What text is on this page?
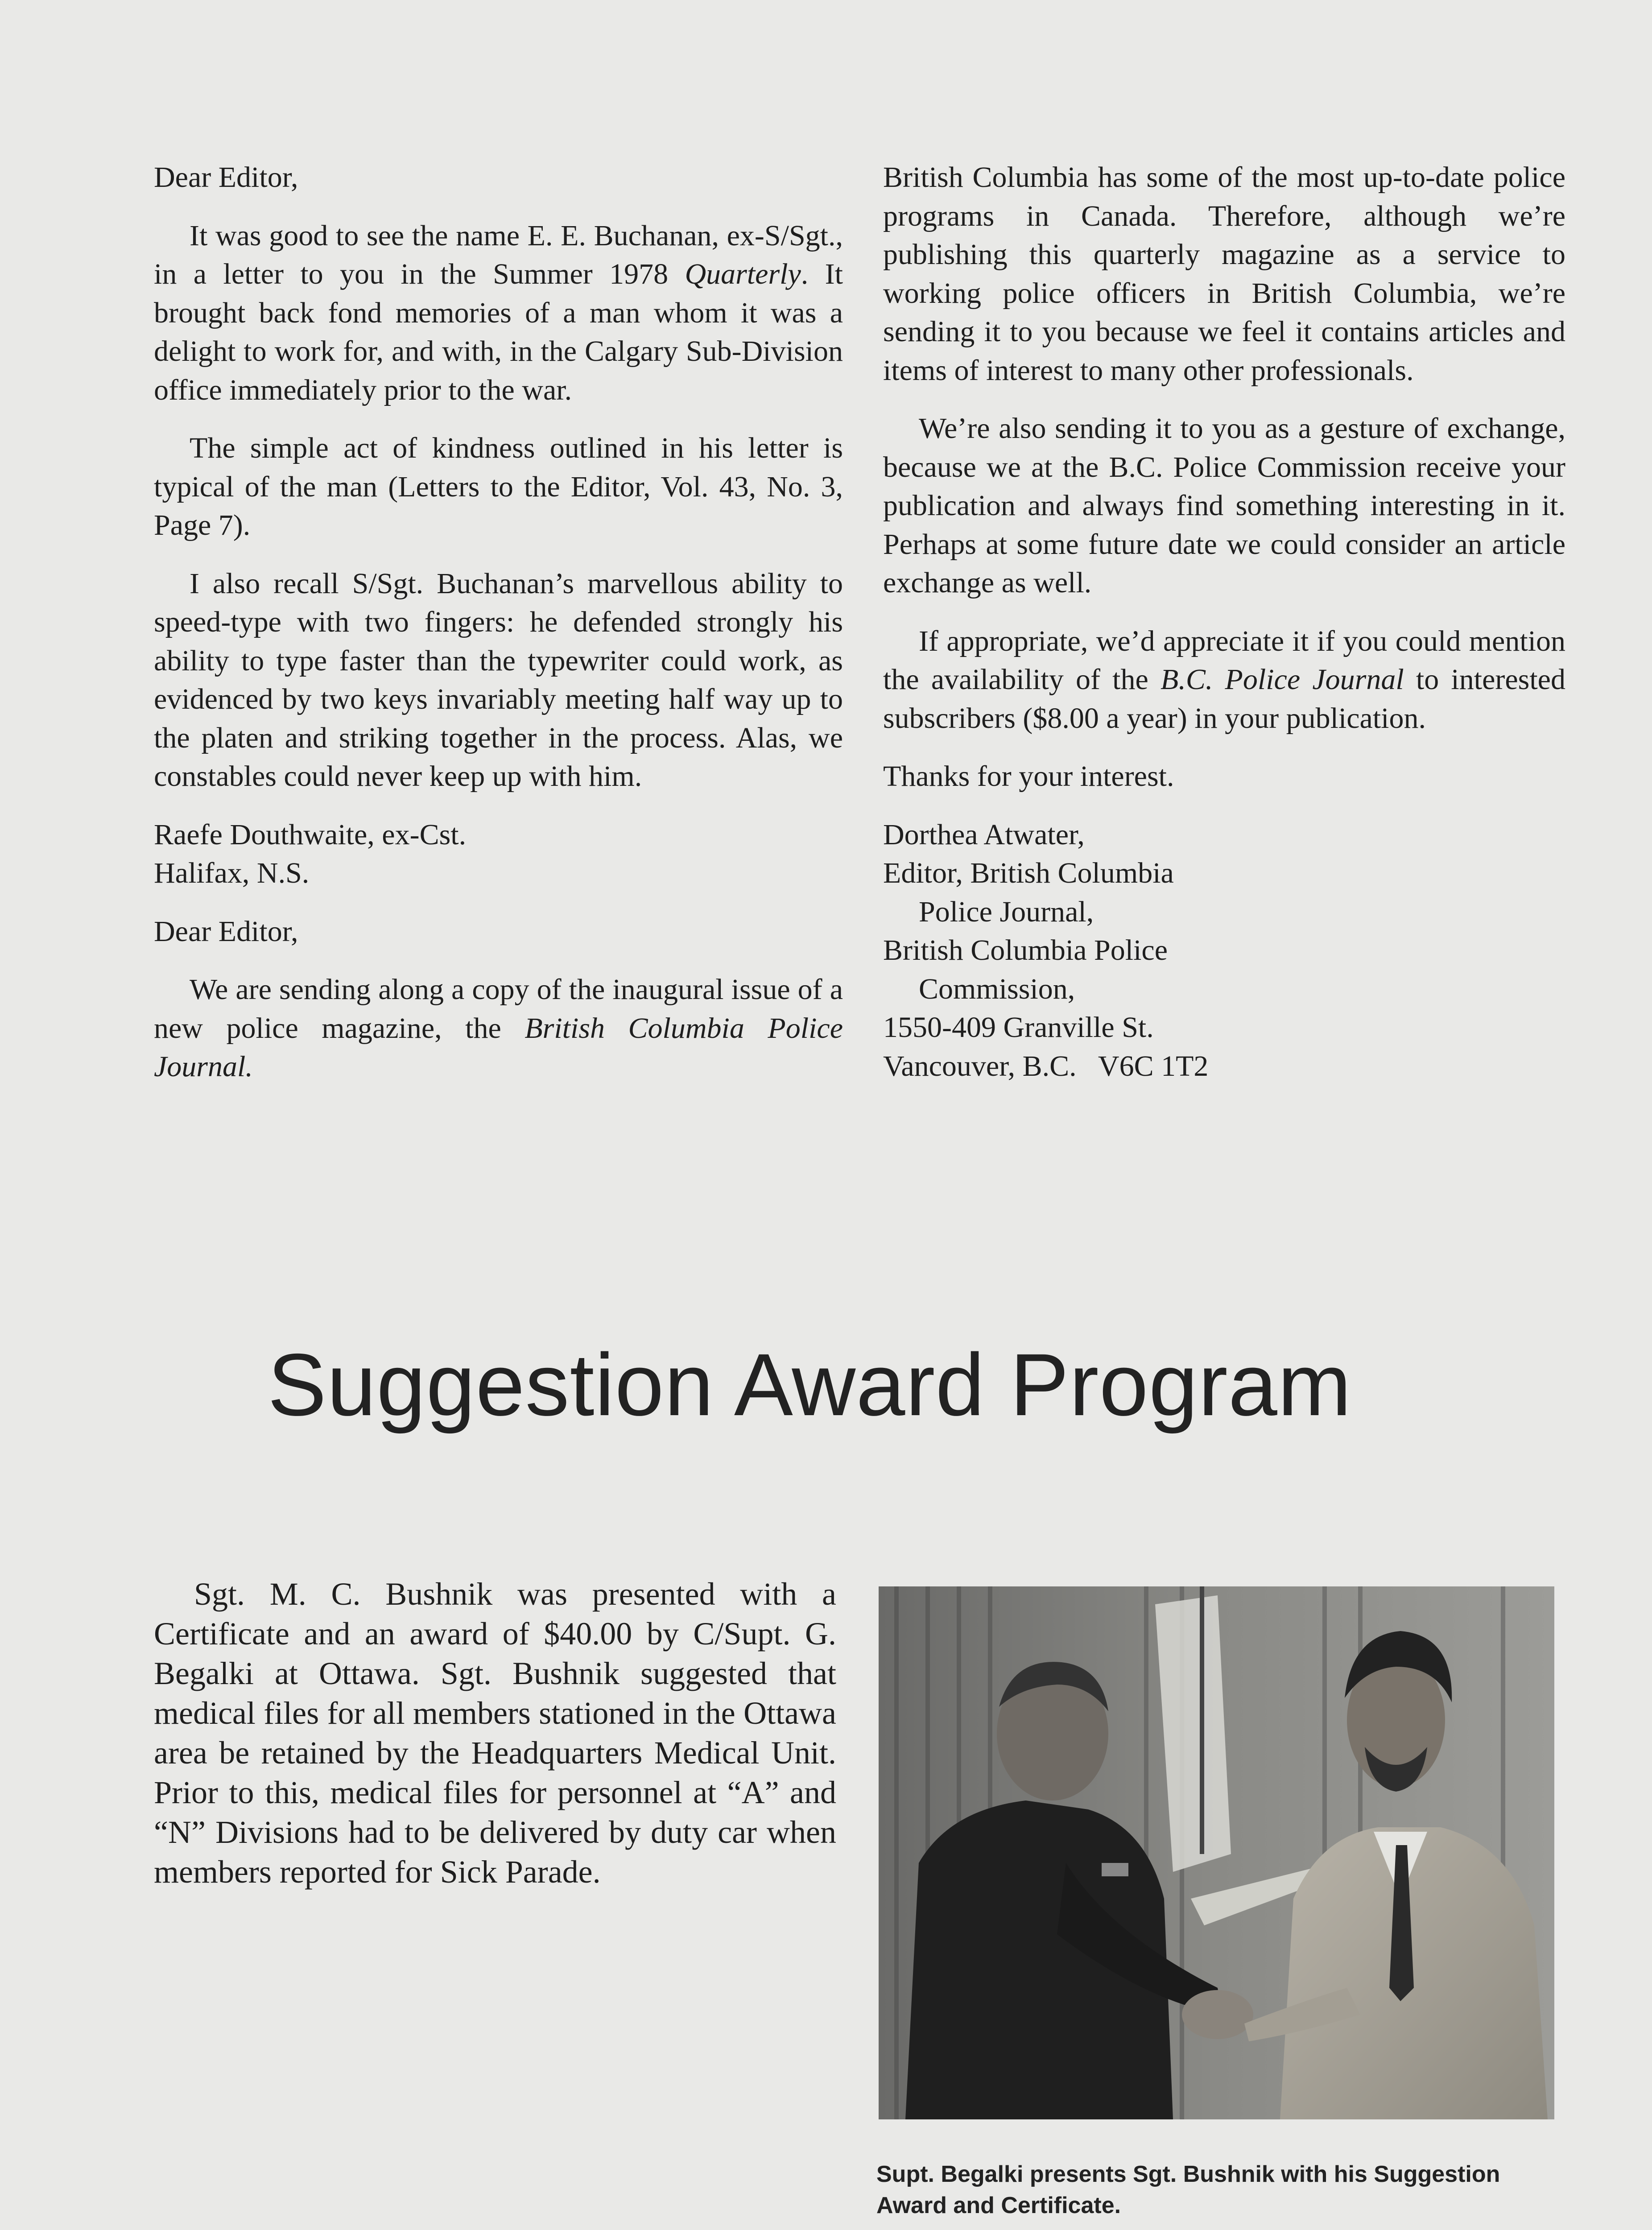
Dear Editor,

It was good to see the name E. E. Buchanan, ex-S/Sgt., in a letter to you in the Summer 1978 Quarterly. It brought back fond memories of a man whom it was a delight to work for, and with, in the Calgary Sub-Division office immediately prior to the war.

The simple act of kindness outlined in his letter is typical of the man (Letters to the Editor, Vol. 43, No. 3, Page 7).

I also recall S/Sgt. Buchanan’s marvellous ability to speed-type with two fingers: he defended strongly his ability to type faster than the typewriter could work, as evidenced by two keys invariably meeting half way up to the platen and striking together in the process. Alas, we constables could never keep up with him.

Raefe Douthwaite, ex-Cst.

Halifax, N.S.

Dear Editor,

We are sending along a copy of the inaugural issue of a new police magazine, the British Columbia Police Journal.

British Columbia has some of the most up-to-date police programs in Canada. Therefore, although we’re publishing this quarterly magazine as a service to working police officers in British Columbia, we’re sending it to you because we feel it contains articles and items of interest to many other professionals.

We’re also sending it to you as a gesture of exchange, because we at the B.C. Police Commission receive your publication and always find something interesting in it. Perhaps at some future date we could consider an article exchange as well.

If appropriate, we’d appreciate it if you could mention the availability of the B.C. Police Journal to interested subscribers ($8.00 a year) in your publication.

Thanks for your interest.

Dorthea Atwater,

Editor, British Columbia

Police Journal,

British Columbia Police

Commission,

1550-409 Granville St.

Vancouver, B.C.   V6C 1T2

Suggestion Award Program

Sgt. M. C. Bushnik was presented with a Certificate and an award of $40.00 by C/Supt. G. Begalki at Ottawa. Sgt. Bushnik suggested that medical files for all members stationed in the Ottawa area be retained by the Headquarters Medical Unit. Prior to this, medical files for personnel at “A” and “N” Divisions had to be delivered by duty car when members reported for Sick Parade.

Supt. Begalki presents Sgt. Bushnik with his Suggestion Award and Certificate.
